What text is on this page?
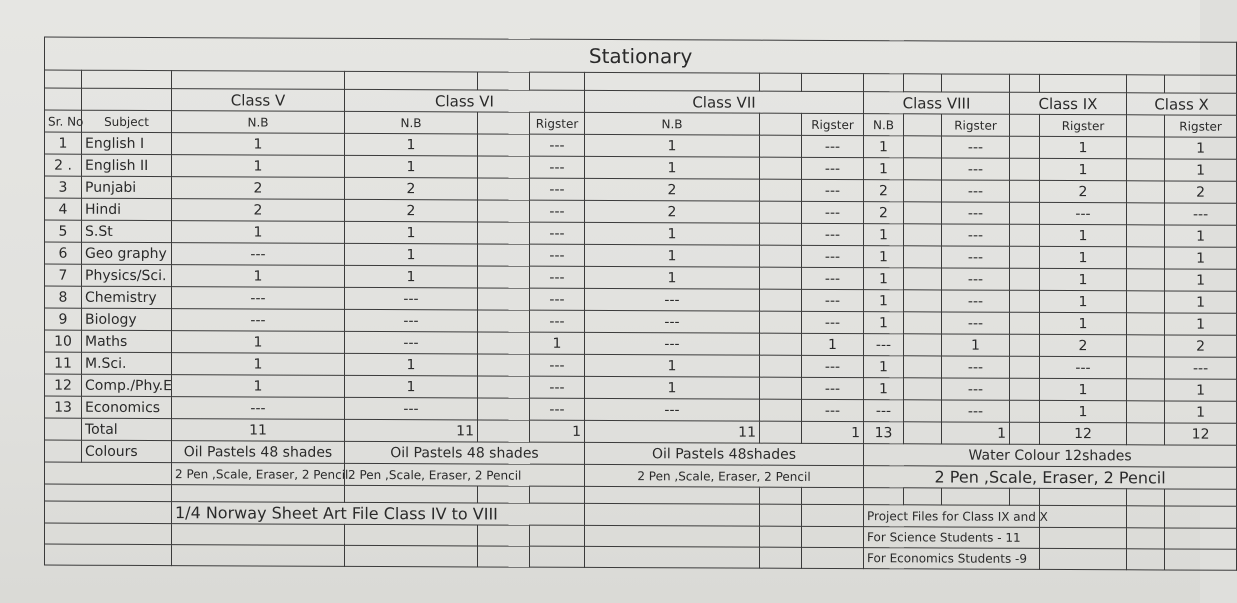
Stationary															

		Class V	Class VI			Class VII			Class VIII			Class IX		Class X	
Sr. No	Subject	N.B	N.B		Rigster	N.B		Rigster	N.B		Rigster		Rigster		Rigster
1	English I	1	1		---	1		---	1		---		1		1
2 .	English II	1	1		---	1		---	1		---		1		1
3	Punjabi	2	2		---	2		---	2		---		2		2
4	Hindi	2	2		---	2		---	2		---		---		---
5	S.St	1	1		---	1		---	1		---		1		1
6	Geo graphy	---	1		---	1		---	1		---		1		1
7	Physics/Sci.	1	1		---	1		---	1		---		1		1
8	Chemistry	---	---		---	---		---	1		---		1		1
9	Biology	---	---		---	---		---	1		---		1		1
10	Maths	1	---		1	---		1	---		1		2		2
11	M.Sci.	1	1		---	1		---	1		---		---		---
12	Comp./Phy.E	1	1		---	1		---	1		---		1		1
13	Economics	---	---		---	---		---	---		---		1		1
	Total	11	11		1	11		1	13		1		12		12
	Colours	Oil Pastels 48 shades	Oil Pastels 48 shades			Oil Pastels 48shades			Water Colour 12shades						
		2 Pen ,Scale, Eraser, 2 Pencil	2 Pen ,Scale, Eraser, 2 Pencil			2 Pen ,Scale, Eraser, 2 Pencil			2 Pen ,Scale, Eraser, 2 Pencil						

		1/4 Norway Sheet Art File Class IV to VIII							Project Files for Class IX and X						
									For Science Students - 11						
									For Economics Students -9						
